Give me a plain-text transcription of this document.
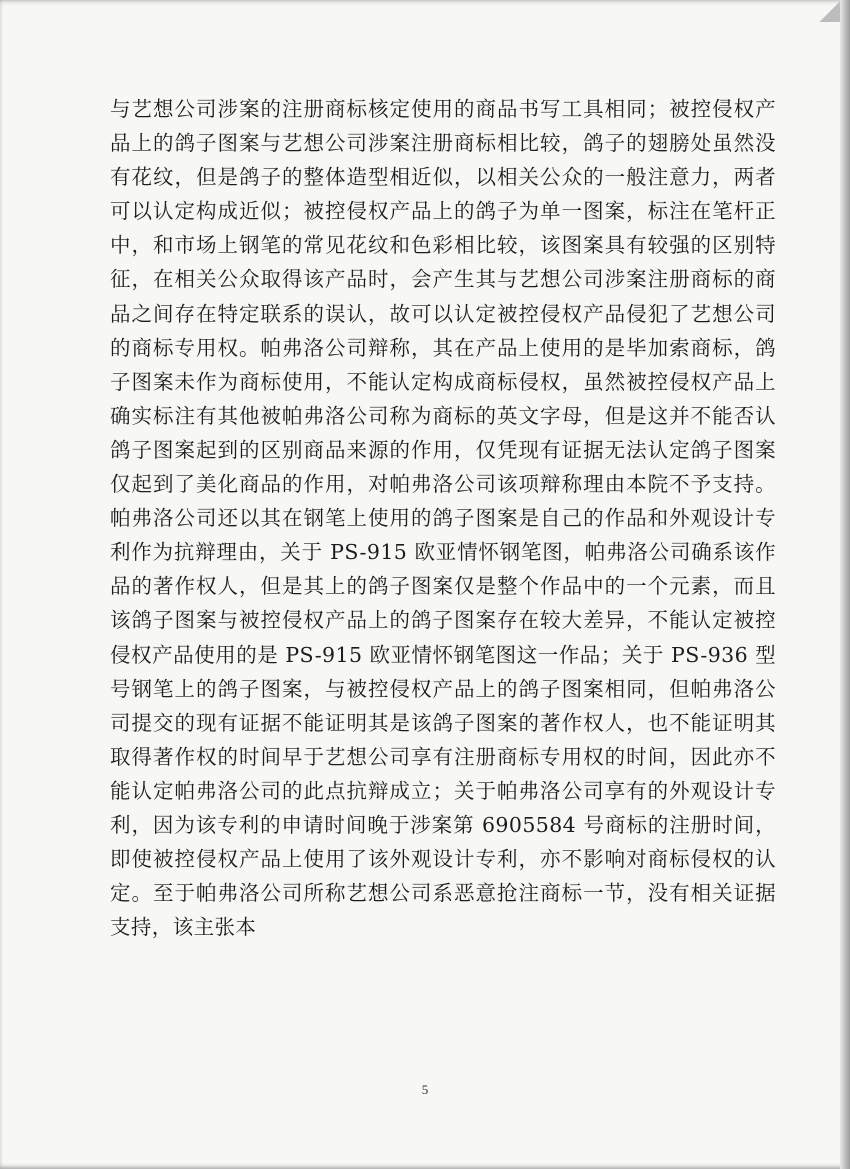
与艺想公司涉案的注册商标核定使用的商品书写工具相同；被控侵权产品上的鸽子图案与艺想公司涉案注册商标相比较，鸽子的翅膀处虽然没有花纹，但是鸽子的整体造型相近似，以相关公众的一般注意力，两者可以认定构成近似；被控侵权产品上的鸽子为单一图案，标注在笔杆正中，和市场上钢笔的常见花纹和色彩相比较，该图案具有较强的区别特征，在相关公众取得该产品时，会产生其与艺想公司涉案注册商标的商品之间存在特定联系的误认，故可以认定被控侵权产品侵犯了艺想公司的商标专用权。帕弗洛公司辩称，其在产品上使用的是毕加索商标，鸽子图案未作为商标使用，不能认定构成商标侵权，虽然被控侵权产品上确实标注有其他被帕弗洛公司称为商标的英文字母，但是这并不能否认鸽子图案起到的区别商品来源的作用，仅凭现有证据无法认定鸽子图案仅起到了美化商品的作用，对帕弗洛公司该项辩称理由本院不予支持。帕弗洛公司还以其在钢笔上使用的鸽子图案是自己的作品和外观设计专利作为抗辩理由，关于 PS-915 欧亚情怀钢笔图，帕弗洛公司确系该作品的著作权人，但是其上的鸽子图案仅是整个作品中的一个元素，而且该鸽子图案与被控侵权产品上的鸽子图案存在较大差异，不能认定被控侵权产品使用的是 PS-915 欧亚情怀钢笔图这一作品；关于 PS-936 型号钢笔上的鸽子图案，与被控侵权产品上的鸽子图案相同，但帕弗洛公司提交的现有证据不能证明其是该鸽子图案的著作权人，也不能证明其取得著作权的时间早于艺想公司享有注册商标专用权的时间，因此亦不能认定帕弗洛公司的此点抗辩成立；关于帕弗洛公司享有的外观设计专利，因为该专利的申请时间晚于涉案第 6905584 号商标的注册时间，即使被控侵权产品上使用了该外观设计专利，亦不影响对商标侵权的认定。至于帕弗洛公司所称艺想公司系恶意抢注商标一节，没有相关证据支持，该主张本

5
